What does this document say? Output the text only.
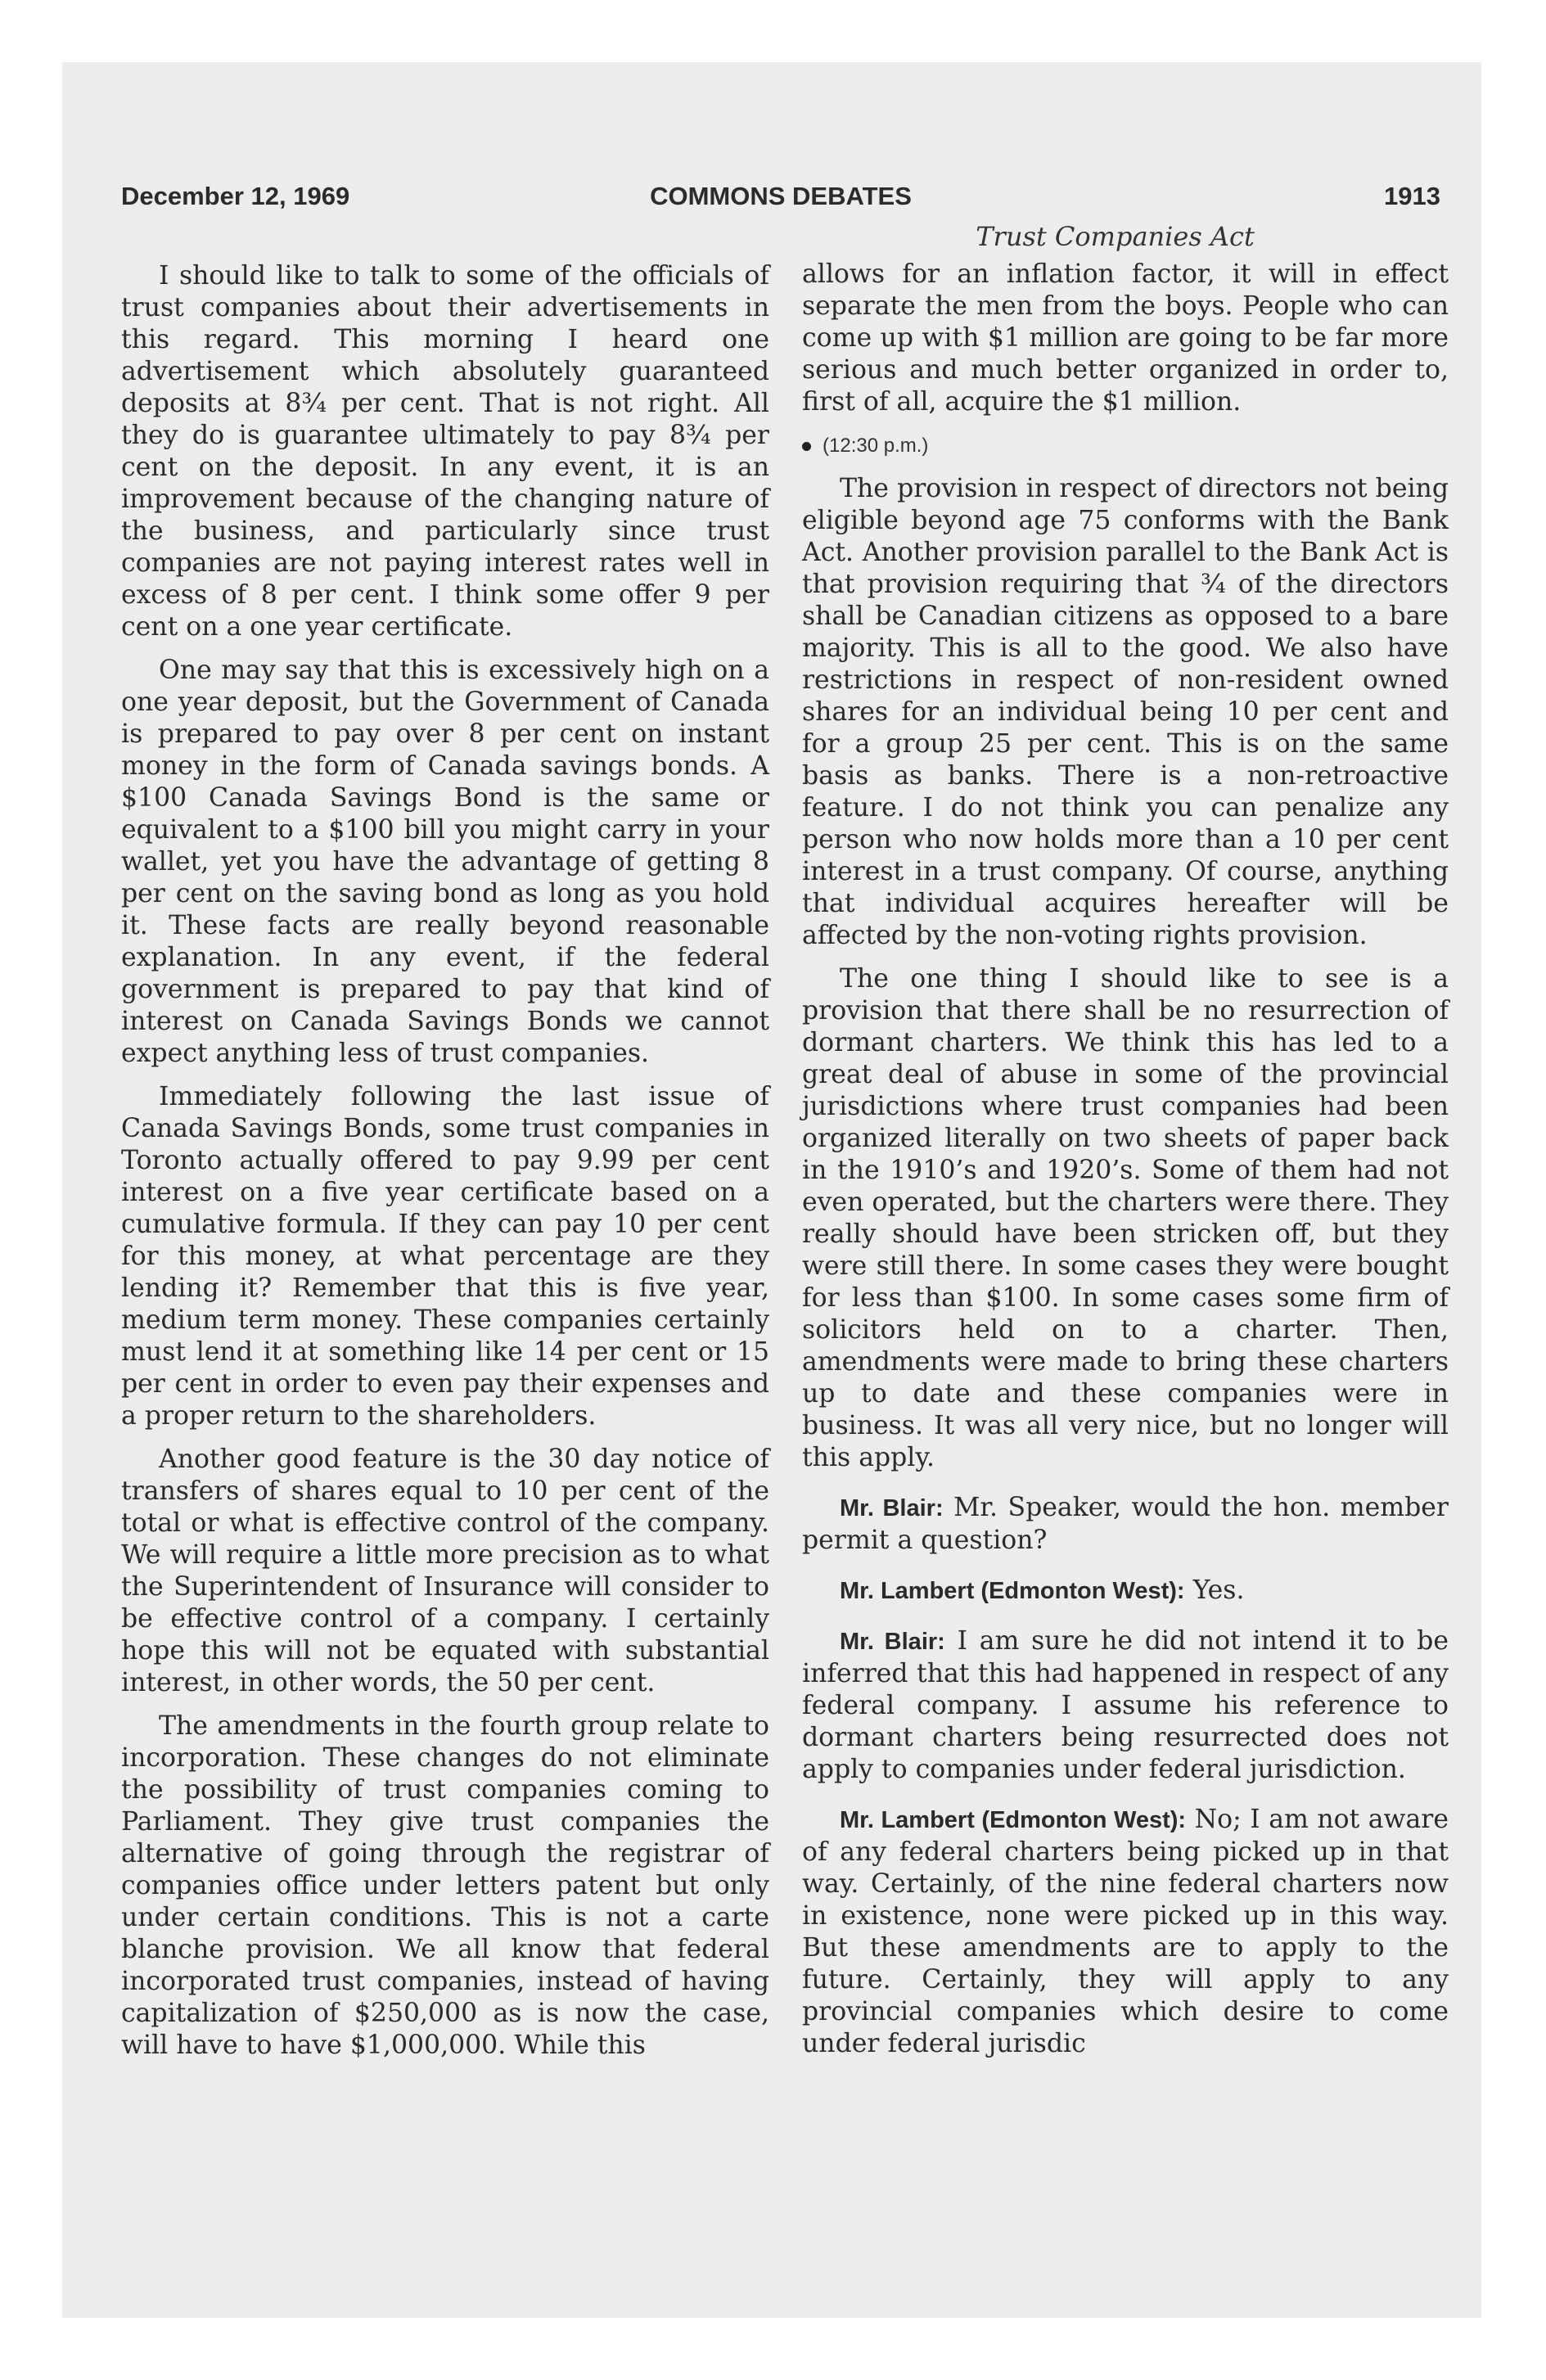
December 12, 1969	COMMONS DEBATES	1913
Trust Companies Act

I should like to talk to some of the officials of trust companies about their advertisements in this regard. This morning I heard one advertisement which absolutely guaranteed deposits at 8¾ per cent. That is not right. All they do is guarantee ultimately to pay 8¾ per cent on the deposit. In any event, it is an improvement because of the changing nature of the business, and particularly since trust companies are not paying interest rates well in excess of 8 per cent. I think some offer 9 per cent on a one year certificate.

One may say that this is excessively high on a one year deposit, but the Government of Canada is prepared to pay over 8 per cent on instant money in the form of Canada savings bonds. A $100 Canada Savings Bond is the same or equivalent to a $100 bill you might carry in your wallet, yet you have the advantage of getting 8 per cent on the saving bond as long as you hold it. These facts are really beyond reasonable explanation. In any event, if the federal government is prepared to pay that kind of interest on Canada Savings Bonds we cannot expect anything less of trust companies.

Immediately following the last issue of Canada Savings Bonds, some trust companies in Toronto actually offered to pay 9.99 per cent interest on a five year certificate based on a cumulative formula. If they can pay 10 per cent for this money, at what percentage are they lending it? Remember that this is five year, medium term money. These companies certainly must lend it at something like 14 per cent or 15 per cent in order to even pay their expenses and a proper return to the shareholders.

Another good feature is the 30 day notice of transfers of shares equal to 10 per cent of the total or what is effective control of the company. We will require a little more precision as to what the Superintendent of Insurance will consider to be effective control of a company. I certainly hope this will not be equated with substantial interest, in other words, the 50 per cent.

The amendments in the fourth group relate to incorporation. These changes do not eliminate the possibility of trust companies coming to Parliament. They give trust companies the alternative of going through the registrar of companies office under letters patent but only under certain conditions. This is not a carte blanche provision. We all know that federal incorporated trust companies, instead of having capitalization of $250,000 as is now the case, will have to have $1,000,000. While this

allows for an inflation factor, it will in effect separate the men from the boys. People who can come up with $1 million are going to be far more serious and much better organized in order to, first of all, acquire the $1 million.

(12:30 p.m.)

The provision in respect of directors not being eligible beyond age 75 conforms with the Bank Act. Another provision parallel to the Bank Act is that provision requiring that ¾ of the directors shall be Canadian citizens as opposed to a bare majority. This is all to the good. We also have restrictions in respect of non-resident owned shares for an individual being 10 per cent and for a group 25 per cent. This is on the same basis as banks. There is a non-retroactive feature. I do not think you can penalize any person who now holds more than a 10 per cent interest in a trust company. Of course, anything that individual acquires hereafter will be affected by the non-voting rights provision.

The one thing I should like to see is a provision that there shall be no resurrection of dormant charters. We think this has led to a great deal of abuse in some of the provincial jurisdictions where trust companies had been organized literally on two sheets of paper back in the 1910’s and 1920’s. Some of them had not even operated, but the charters were there. They really should have been stricken off, but they were still there. In some cases they were bought for less than $100. In some cases some firm of solicitors held on to a charter. Then, amendments were made to bring these charters up to date and these companies were in business. It was all very nice, but no longer will this apply.

Mr. Blair: Mr. Speaker, would the hon. member permit a question?

Mr. Lambert (Edmonton West): Yes.

Mr. Blair: I am sure he did not intend it to be inferred that this had happened in respect of any federal company. I assume his reference to dormant charters being resurrected does not apply to companies under federal jurisdiction.

Mr. Lambert (Edmonton West): No; I am not aware of any federal charters being picked up in that way. Certainly, of the nine federal charters now in existence, none were picked up in this way. But these amendments are to apply to the future. Certainly, they will apply to any provincial companies which desire to come under federal jurisdic
